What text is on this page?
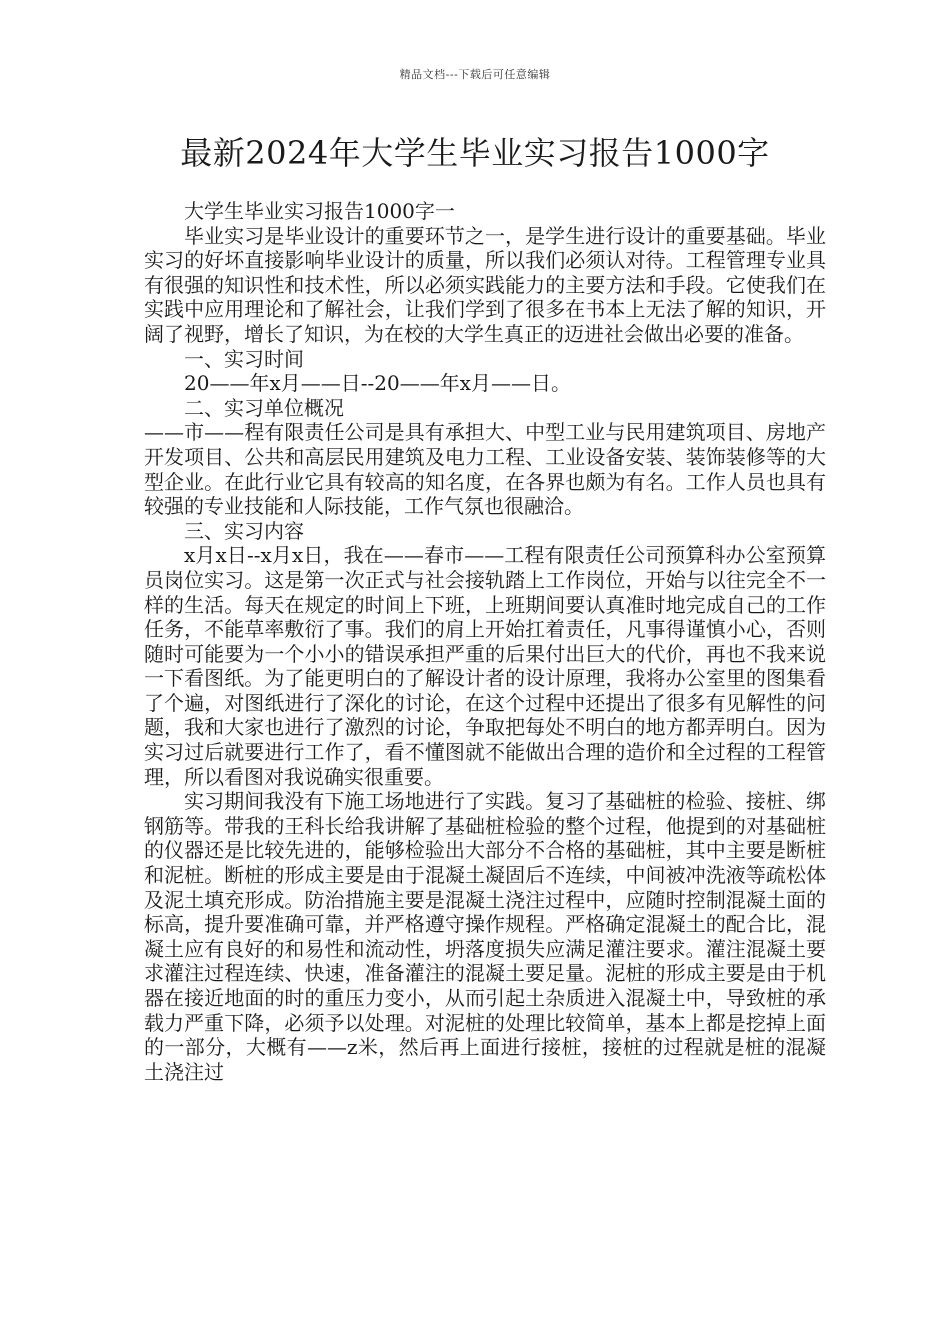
精品文档---下载后可任意编辑
最新2024年大学生毕业实习报告1000字

大学生毕业实习报告1000字一

毕业实习是毕业设计的重要环节之一，是学生进行设计的重要基础。毕业实习的好坏直接影响毕业设计的质量，所以我们必须认对待。工程管理专业具有很强的知识性和技术性，所以必须实践能力的主要方法和手段。它使我们在实践中应用理论和了解社会，让我们学到了很多在书本上无法了解的知识，开阔了视野，增长了知识，为在校的大学生真正的迈进社会做出必要的准备。

一、实习时间

20——年x月——日--20——年x月——日。

二、实习单位概况

——市——程有限责任公司是具有承担大、中型工业与民用建筑项目、房地产开发项目、公共和高层民用建筑及电力工程、工业设备安装、装饰装修等的大型企业。在此行业它具有较高的知名度，在各界也颇为有名。工作人员也具有较强的专业技能和人际技能，工作气氛也很融洽。

三、实习内容

x月x日--x月x日，我在——春市——工程有限责任公司预算科办公室预算员岗位实习。这是第一次正式与社会接轨踏上工作岗位，开始与以往完全不一样的生活。每天在规定的时间上下班，上班期间要认真准时地完成自己的工作任务，不能草率敷衍了事。我们的肩上开始扛着责任，凡事得谨慎小心，否则随时可能要为一个小小的错误承担严重的后果付出巨大的代价，再也不我来说一下看图纸。为了能更明白的了解设计者的设计原理，我将办公室里的图集看了个遍，对图纸进行了深化的讨论，在这个过程中还提出了很多有见解性的问题，我和大家也进行了激烈的讨论，争取把每处不明白的地方都弄明白。因为实习过后就要进行工作了，看不懂图就不能做出合理的造价和全过程的工程管理，所以看图对我说确实很重要。

实习期间我没有下施工场地进行了实践。复习了基础桩的检验、接桩、绑钢筋等。带我的王科长给我讲解了基础桩检验的整个过程，他提到的对基础桩的仪器还是比较先进的，能够检验出大部分不合格的基础桩，其中主要是断桩和泥桩。断桩的形成主要是由于混凝土凝固后不连续，中间被冲洗液等疏松体及泥土填充形成。防治措施主要是混凝土浇注过程中，应随时控制混凝土面的标高，提升要准确可靠，并严格遵守操作规程。严格确定混凝土的配合比，混凝土应有良好的和易性和流动性，坍落度损失应满足灌注要求。灌注混凝土要求灌注过程连续、快速，准备灌注的混凝土要足量。泥桩的形成主要是由于机器在接近地面的时的重压力变小，从而引起土杂质进入混凝土中，导致桩的承载力严重下降，必须予以处理。对泥桩的处理比较简单，基本上都是挖掉上面的一部分，大概有——z米，然后再上面进行接桩，接桩的过程就是桩的混凝土浇注过
